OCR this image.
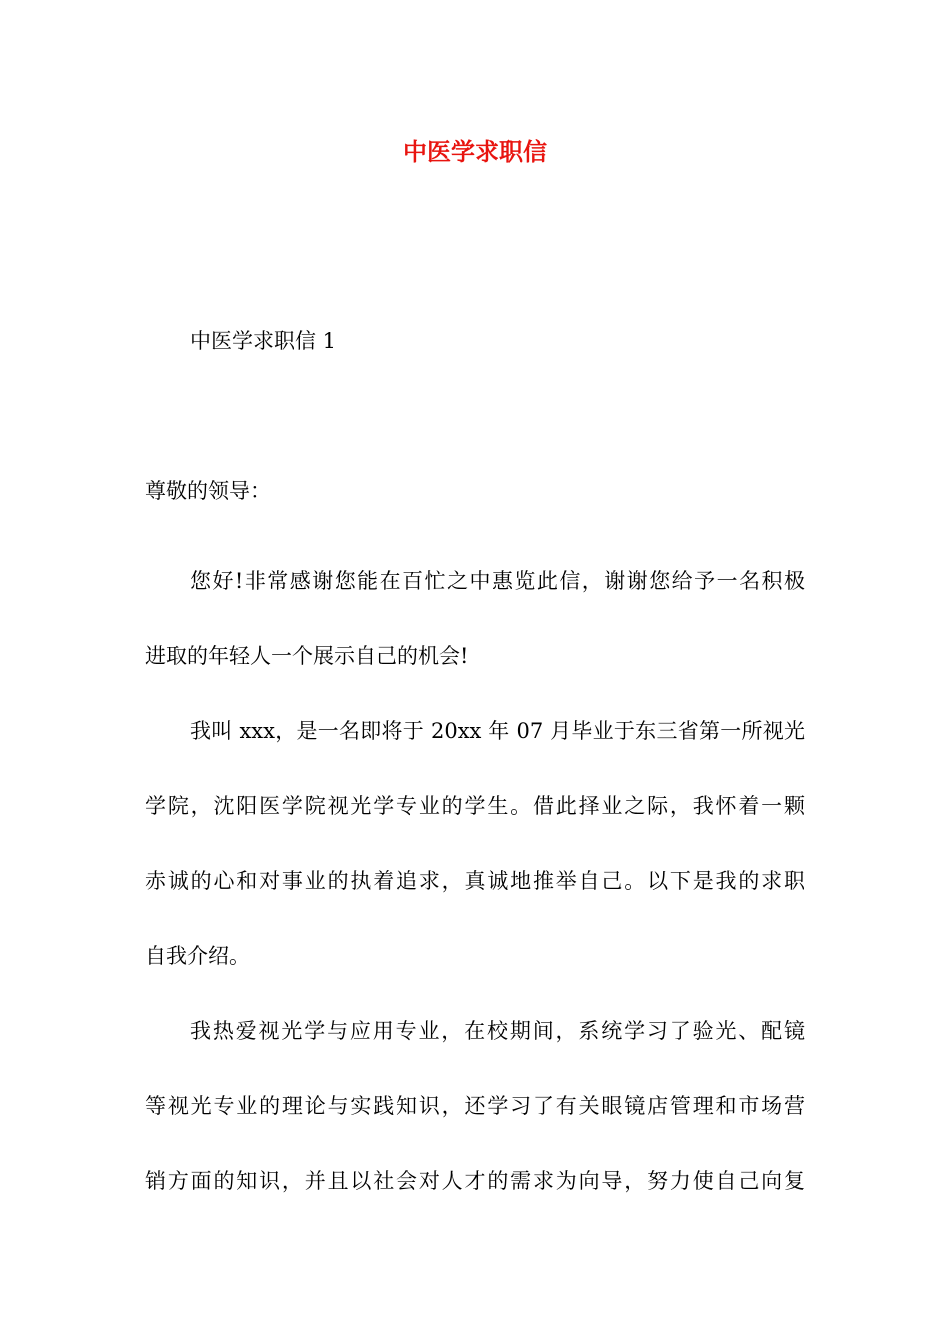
中医学求职信

中医学求职信 1

尊敬的领导：

您好!非常感谢您能在百忙之中惠览此信，谢谢您给予一名积极
进取的年轻人一个展示自己的机会!

我叫 xxx，是一名即将于 20xx 年 07 月毕业于东三省第一所视光
学院，沈阳医学院视光学专业的学生。借此择业之际，我怀着一颗
赤诚的心和对事业的执着追求，真诚地推举自己。以下是我的求职
自我介绍。

我热爱视光学与应用专业，在校期间，系统学习了验光、配镜
等视光专业的理论与实践知识，还学习了有关眼镜店管理和市场营
销方面的知识，并且以社会对人才的需求为向导，努力使自己向复
